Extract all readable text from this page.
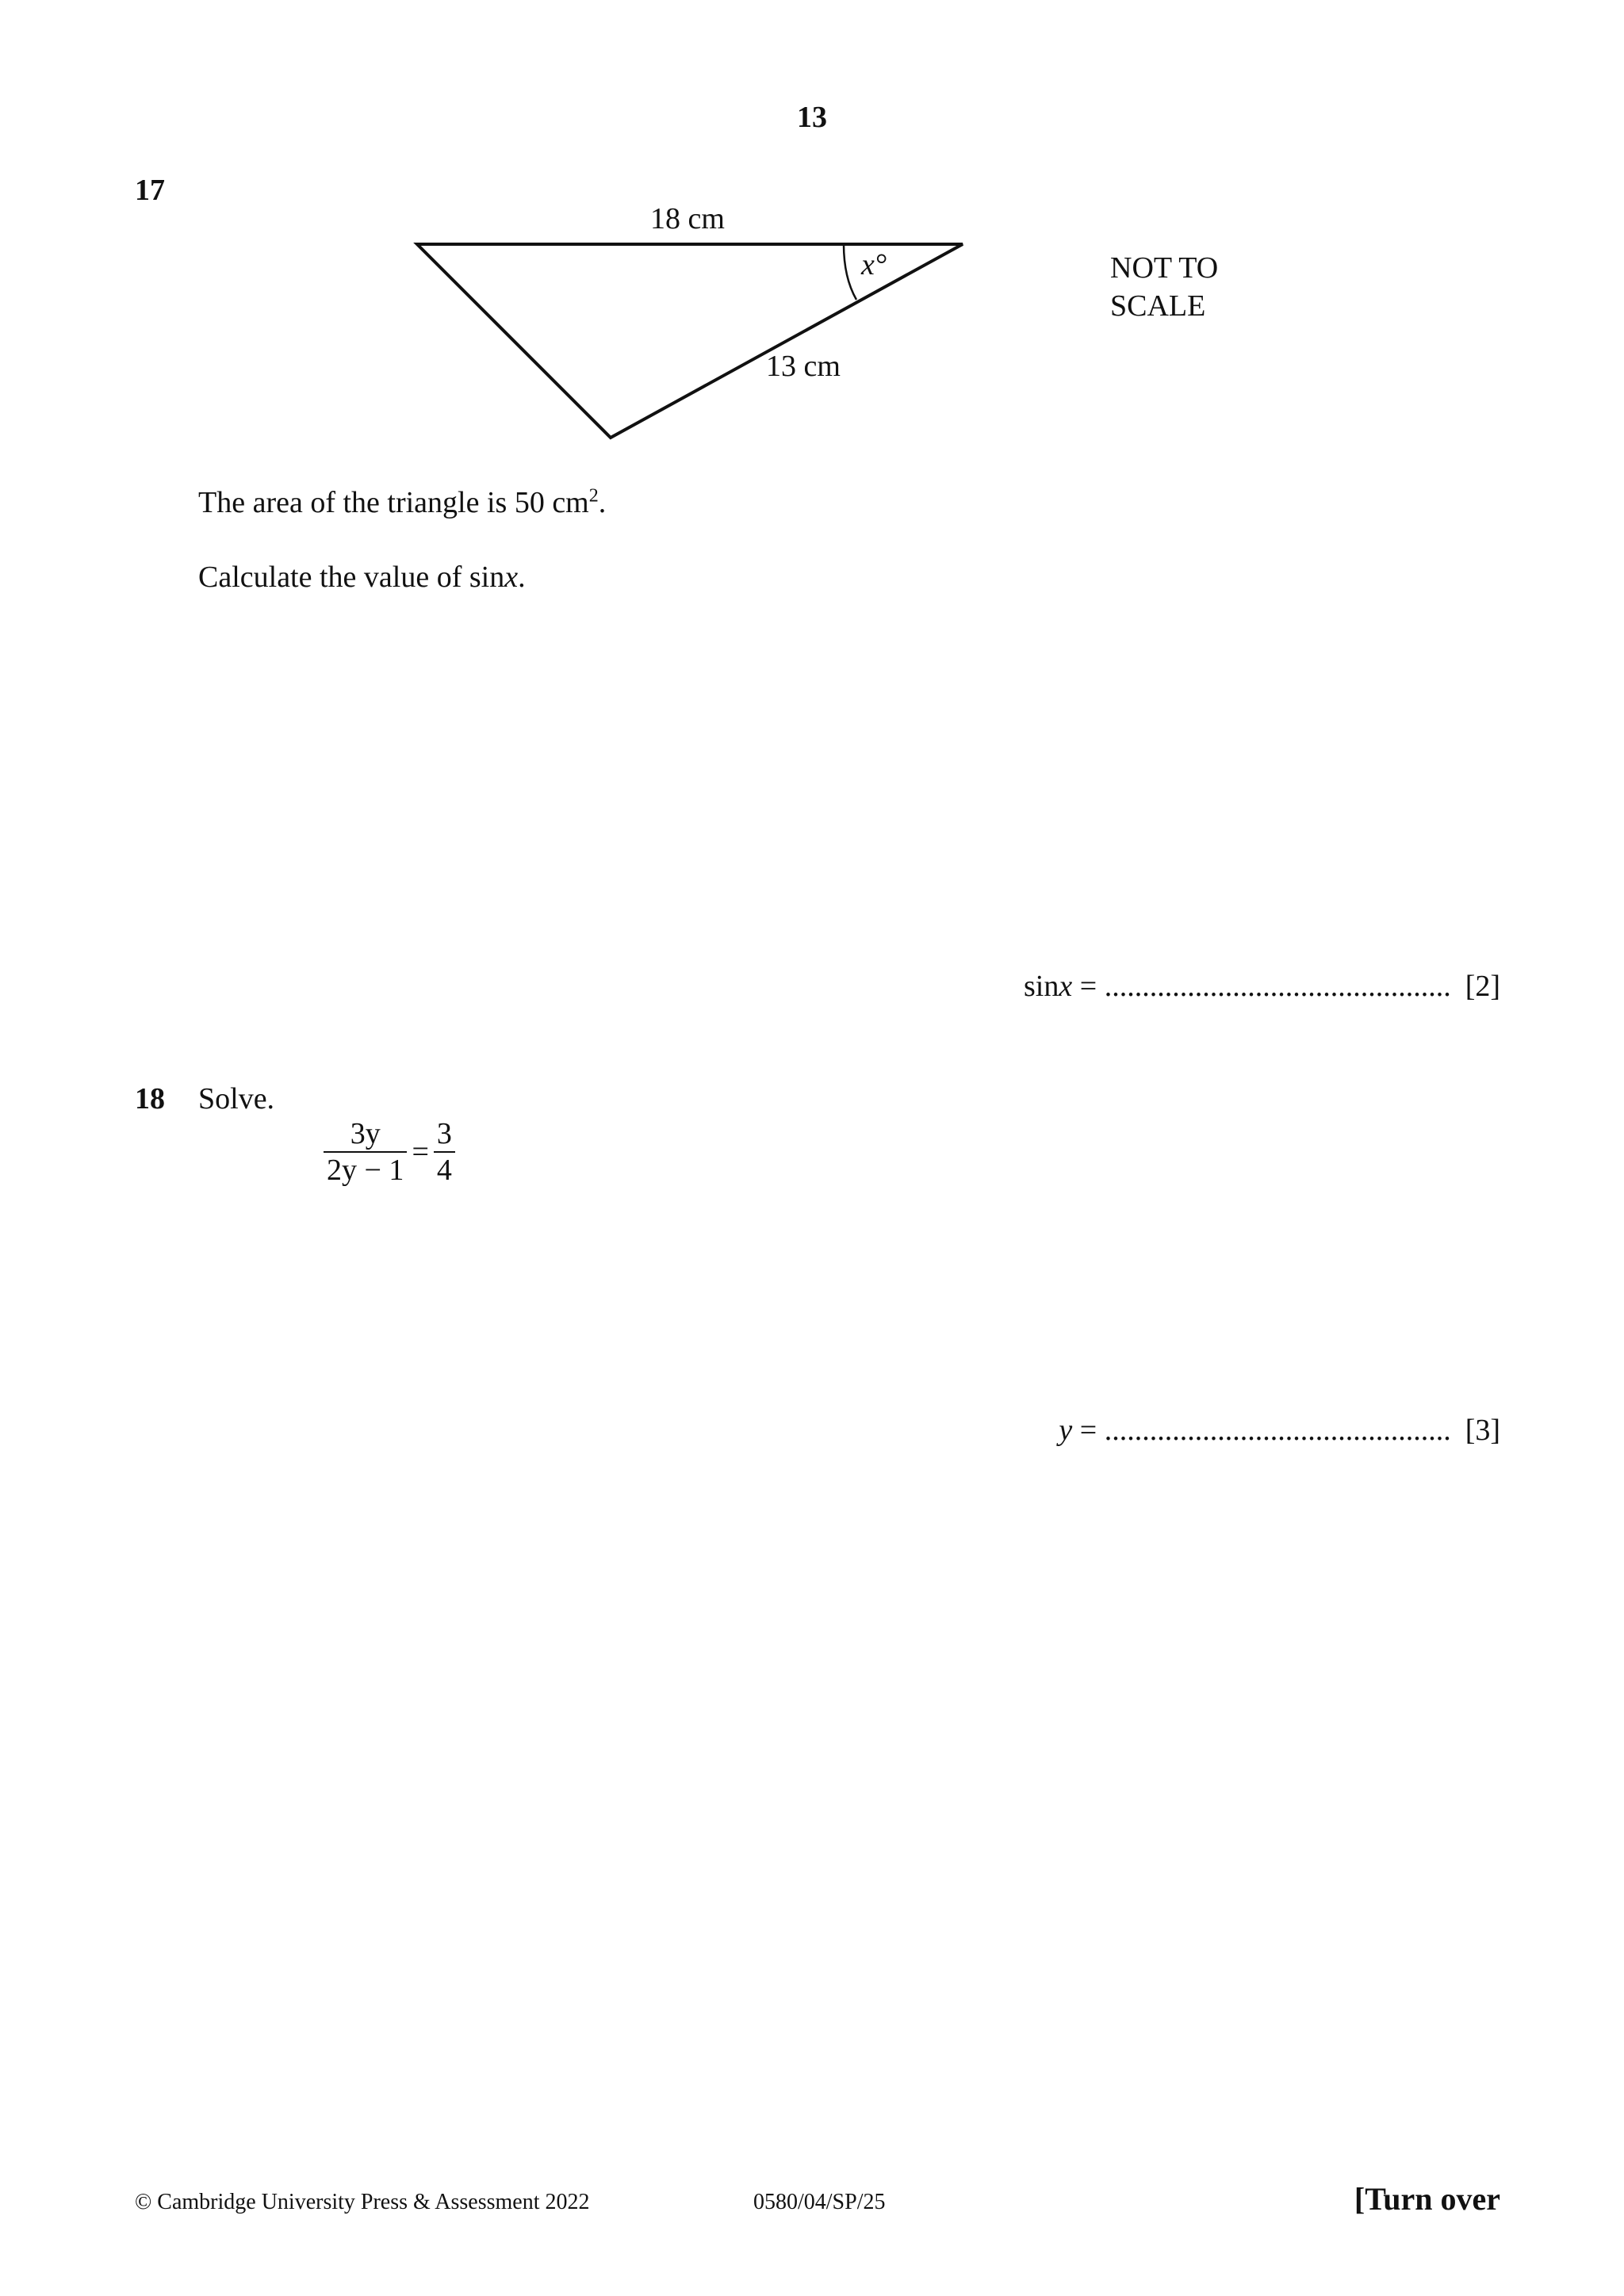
13
17
18 cm
x°
13 cm
NOT TO
SCALE
The area of the triangle is 50 $cm^2$.
Calculate the value of sinx.
sinx = .............................................. [2]
18 Solve.
$\frac{3y}{2y - 1} = \frac{3}{4}$
y = .............................................. [3]
© Cambridge University Press & Assessment 2022	0580/04/SP/25	[Turn over
